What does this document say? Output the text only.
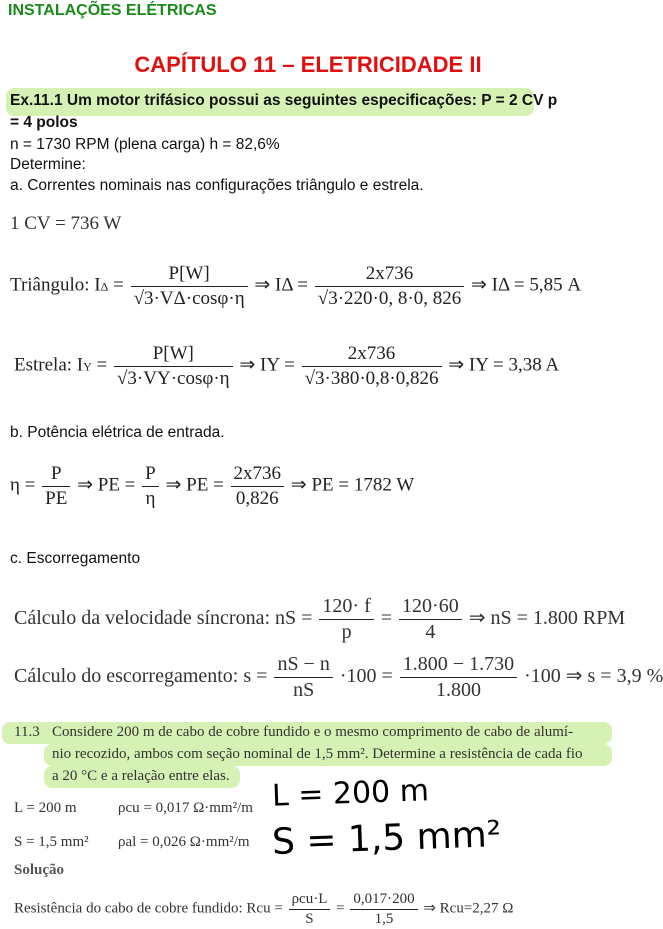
INSTALAÇÕES ELÉTRICAS
CAPÍTULO 11 – ELETRICIDADE II
Ex.11.1 Um motor trifásico possui as seguintes especificações: P = 2 CV p
= 4 polos
n = 1730 RPM (plena carga) h = 82,6%
Determine:
a. Correntes nominais nas configurações triângulo e estrela.
1 CV = 736 W
Triângulo: $I\Delta = \frac{P[W]}{√3\cdot V\Delta\cdot\cos\varphi\cdot\eta}$ ⇒ $I\Delta = \frac{2x736}{√3\cdot 220\cdot 0, 8\cdot 0, 826}$ ⇒ IΔ = 5,85 A
Estrela: IY = $\frac{P[W]}{√3\cdot VY\cdot\cos\varphi\cdot\eta}$ ⇒ IY = $\frac{2x736}{√3\cdot 380\cdot 0,8\cdot 0,826}$ ⇒ IY = 3,38 A
b. Potência elétrica de entrada.
$\eta = \frac{P}{PE}$ ⇒ PE = $\frac{P}{\eta}$ ⇒ PE = $\frac{2x736}{0,826}$ ⇒ PE = 1782 W
c. Escorregamento
Cálculo da velocidade síncrona: nS = $\frac{120\cdot f}{p} = \frac{120\cdot 60}{4}$ ⇒ nS = 1.800 RPM
Cálculo do escorregamento: $s = \frac{nS - n}{nS} \cdot 100 = \frac{1.800 - 1.730}{1.800} \cdot 100$ ⇒ s = 3,9 %
11.3 Considere 200 m de cabo de cobre fundido e o mesmo comprimento de cabo de alumí-
nio recozido, ambos com seção nominal de 1,5 mm². Determine a resistência de cada fio
a 20 °C e a relação entre elas.
L = 200 m	ρcu = 0,017 Ω·mm²/m
S = 1,5 mm² ρal = 0,026 Ω·mm²/m
L = 200 m
S = 1,5 mm²
Solução
Resistência do cabo de cobre fundido: Rcu = $\frac{\text{ρcu·L}}{S} = \frac{0,017\cdot 200}{1,5}$ ⇒ Rcu=2,27 Ω
